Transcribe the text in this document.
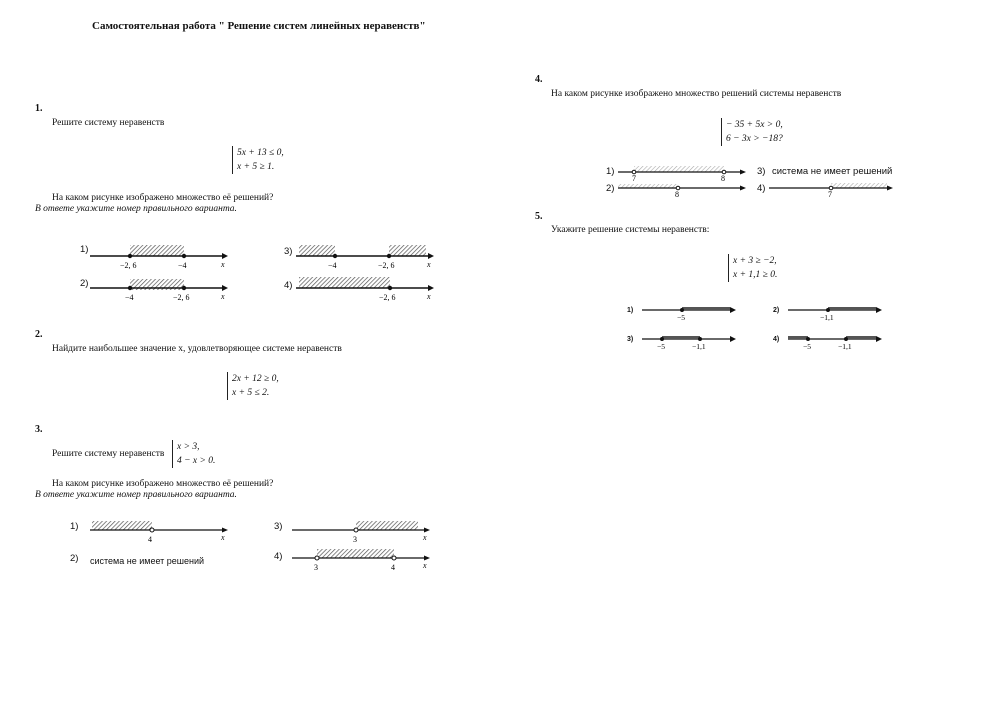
Самостоятельная работа " Решение систем линейных неравенств"
1.
Решите систему неравенств
5x + 13 ≤ 0,
x + 5 ≥ 1.
На каком рисунке изображено множество её решений?
В ответе укажите номер правильного варианта.
1)
−2, 6	−4	x
2)
−4	−2, 6	x
3)
−4	−2, 6	x
4)
−2, 6	x
2.
Найдите наибольшее значение x, удовлетворяющее системе неравенств
2x + 12 ≥ 0,
x + 5 ≤ 2.
3.
Решите систему неравенств
x > 3,
4 − x > 0.
На каком рисунке изображено множество её решений?
В ответе укажите номер правильного варианта.
1)
4	x
2) система не имеет решений
3)
3	x
4)
3	4	x
4.
На каком рисунке изображено множество решений системы неравенств
− 35 + 5x > 0,
6 − 3x > −18?
1)
7	8
2)
8
3) система не имеет решений
4)
7
5.
Укажите решение системы неравенств:
x + 3 ≥ −2,
x + 1,1 ≥ 0.
1)
−5
2)
−1,1
3)
−5	−1,1
4)
−5	−1,1
